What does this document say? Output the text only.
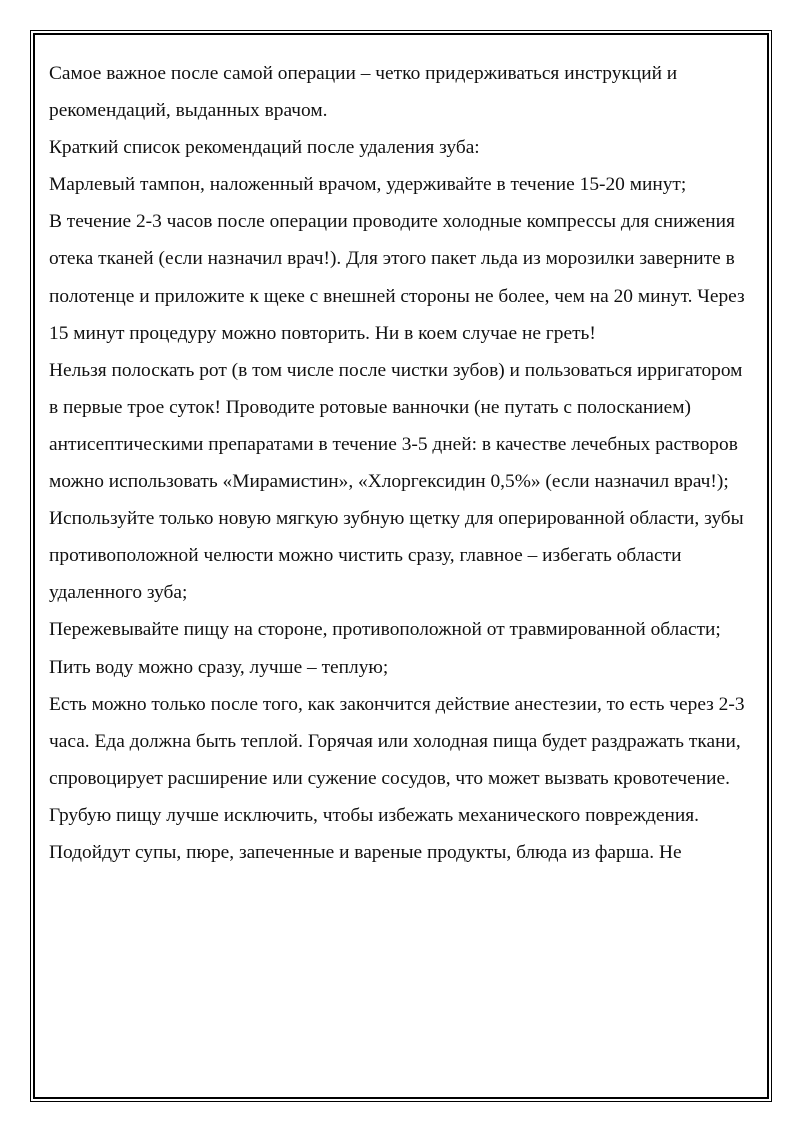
Самое важное после самой операции – четко придерживаться инструкций и рекомендаций, выданных врачом.

Краткий список рекомендаций после удаления зуба:

Марлевый тампон, наложенный врачом, удерживайте в течение 15-20 минут;

В течение 2-3 часов после операции проводите холодные компрессы для снижения отека тканей (если назначил врач!). Для этого пакет льда из морозилки заверните в полотенце и приложите к щеке с внешней стороны не более, чем на 20 минут. Через 15 минут процедуру можно повторить. Ни в коем случае не греть!

Нельзя полоскать рот (в том числе после чистки зубов) и пользоваться ирригатором в первые трое суток! Проводите ротовые ванночки (не путать с полосканием) антисептическими препаратами в течение 3-5 дней: в качестве лечебных растворов можно использовать «Мирамистин», «Хлоргексидин 0,5%» (если назначил врач!);

Используйте только новую мягкую зубную щетку для оперированной области, зубы противоположной челюсти можно чистить сразу, главное – избегать области удаленного зуба;

Пережевывайте пищу на стороне, противоположной от травмированной области;

Пить воду можно сразу, лучше – теплую;

Есть можно только после того, как закончится действие анестезии, то есть через 2-3 часа. Еда должна быть теплой. Горячая или холодная пища будет раздражать ткани, спровоцирует расширение или сужение сосудов, что может вызвать кровотечение. Грубую пищу лучше исключить, чтобы избежать механического повреждения. Подойдут супы, пюре, запеченные и вареные продукты, блюда из фарша. Не
